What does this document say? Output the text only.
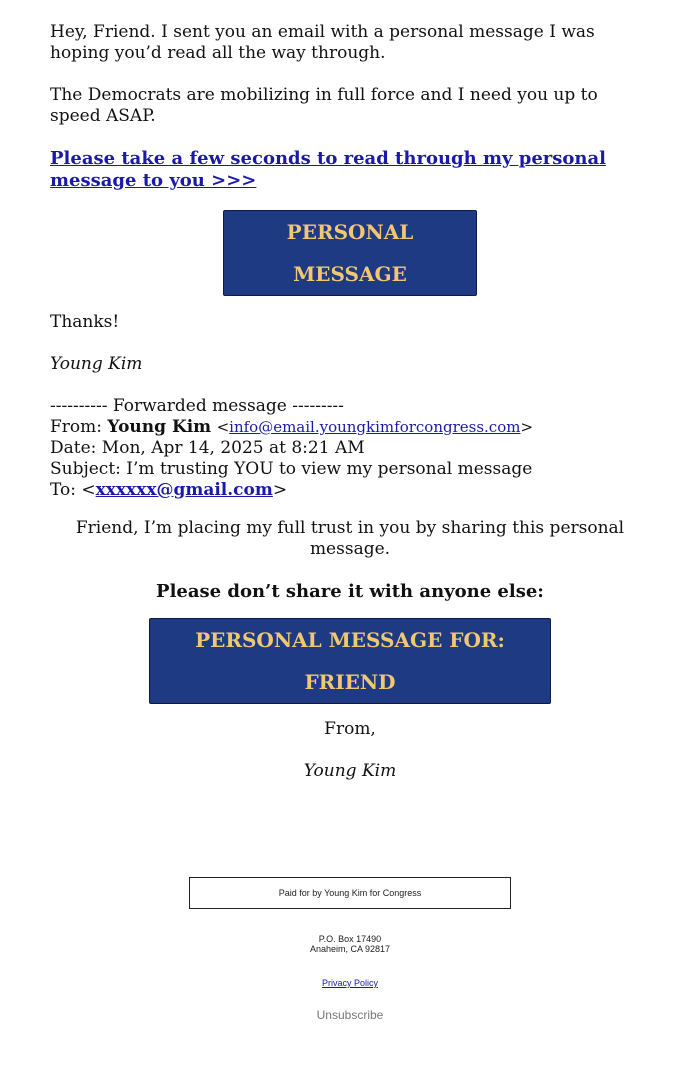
Hey, Friend. I sent you an email with a personal message I was hoping you’d read all the way through.

The Democrats are mobilizing in full force and I need you up to speed ASAP.

Please take a few seconds to read through my personal message to you >>>

PERSONAL MESSAGE

Thanks!

Young Kim

---------- Forwarded message ---------

From: Young Kim <info@email.youngkimforcongress.com>

Date: Mon, Apr 14, 2025 at 8:21 AM

Subject: I’m trusting YOU to view my personal message

To: <xxxxxx@gmail.com>

Friend, I’m placing my full trust in you by sharing this personal message.

Please don’t share it with anyone else:

PERSONAL MESSAGE FOR: FRIEND

From,

Young Kim

Paid for by Young Kim for Congress
P.O. Box 17490
Anaheim, CA 92817
Privacy Policy
Unsubscribe
